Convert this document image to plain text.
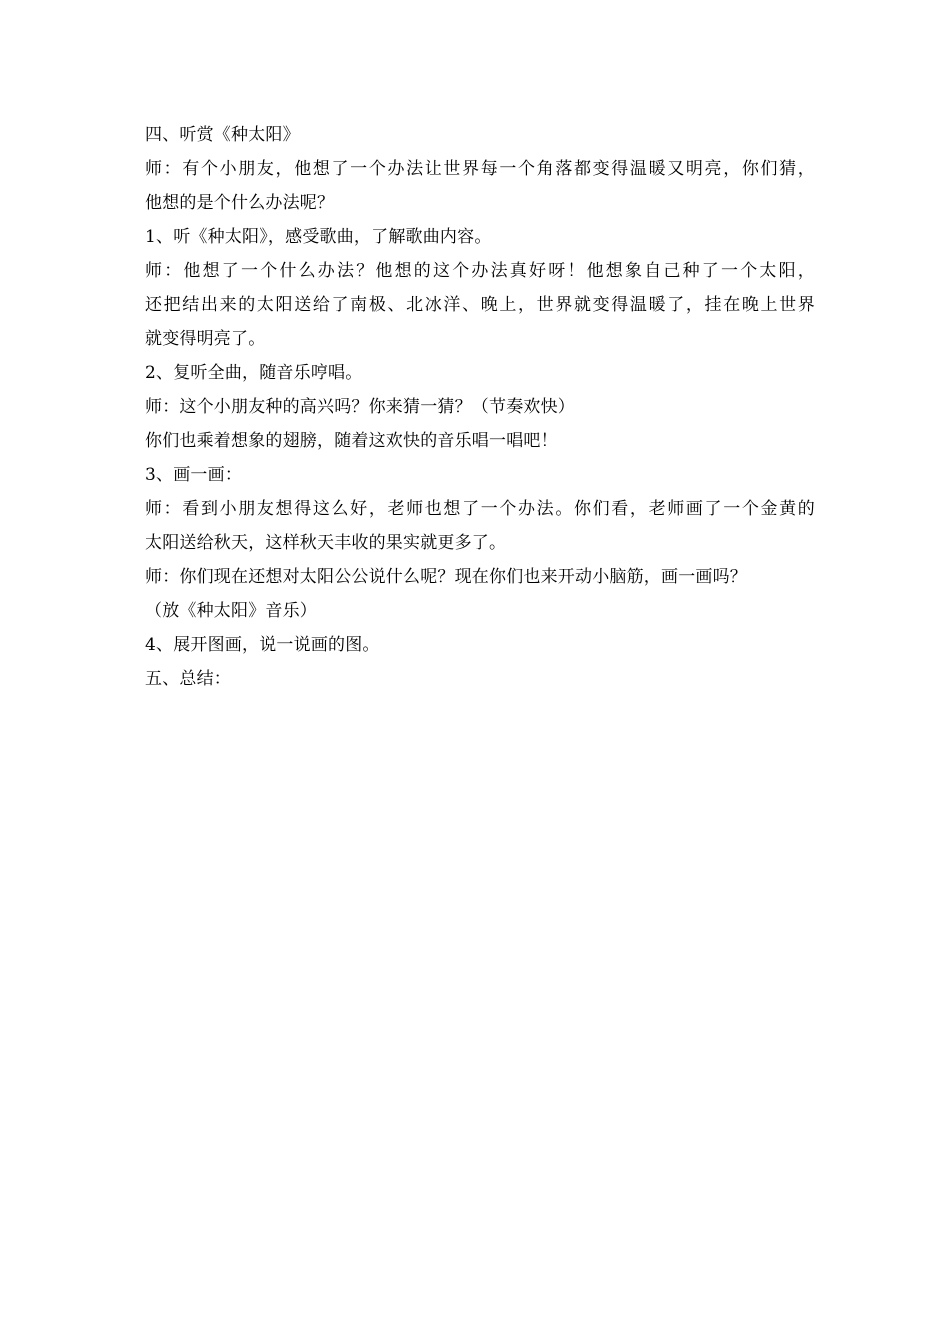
四、听赏《种太阳》
师：有个小朋友，他想了一个办法让世界每一个角落都变得温暖又明亮，你们猜，
他想的是个什么办法呢？
1、听《种太阳》，感受歌曲，了解歌曲内容。
师：他想了一个什么办法？他想的这个办法真好呀！他想象自己种了一个太阳，
还把结出来的太阳送给了南极、北冰洋、晚上，世界就变得温暖了，挂在晚上世界
就变得明亮了。
2、复听全曲，随音乐哼唱。
师：这个小朋友种的高兴吗？你来猜一猜？（节奏欢快）
你们也乘着想象的翅膀，随着这欢快的音乐唱一唱吧！
3、画一画：
师：看到小朋友想得这么好，老师也想了一个办法。你们看，老师画了一个金黄的
太阳送给秋天，这样秋天丰收的果实就更多了。
师：你们现在还想对太阳公公说什么呢？现在你们也来开动小脑筋，画一画吗？
（放《种太阳》音乐）
4、展开图画，说一说画的图。
五、总结：
